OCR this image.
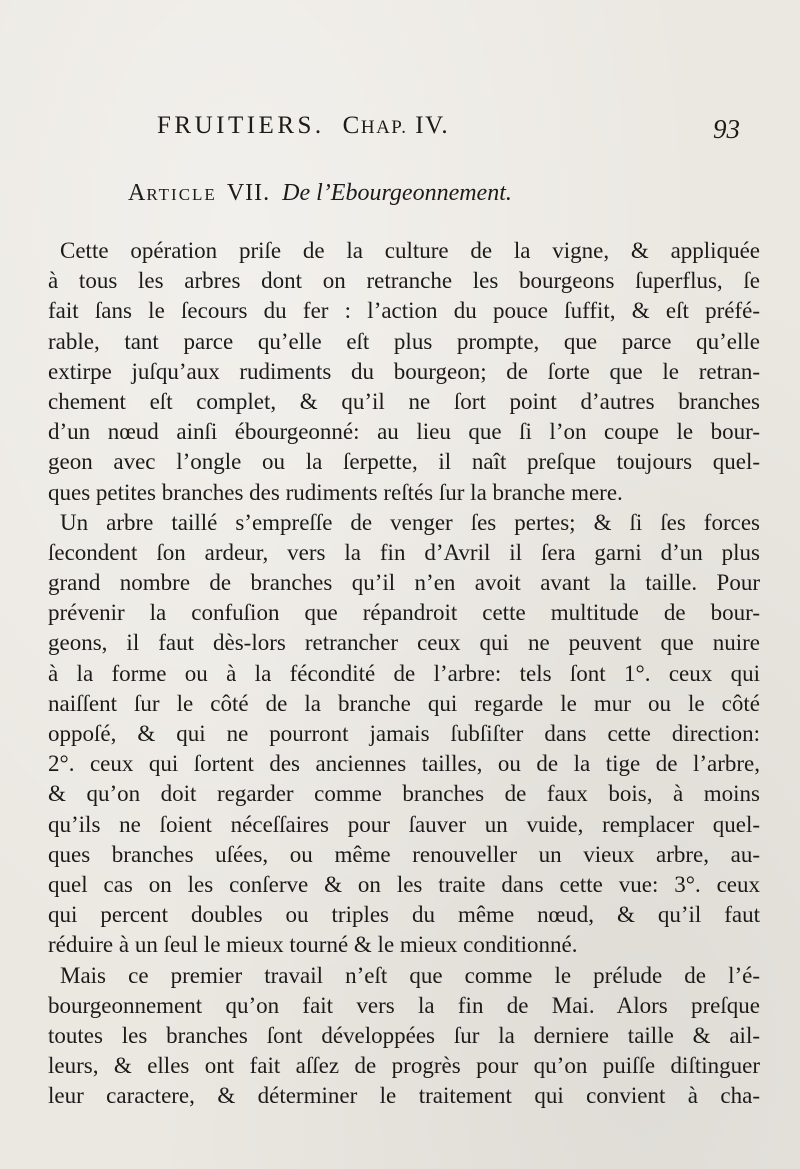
FRUITIERS. CHAP. IV.	93
ARTICLE VII. De l’Ebourgeonnement.
Cette opération priſe de la culture de la vigne, & appliquée
à tous les arbres dont on retranche les bourgeons ſuperflus, ſe
fait ſans le ſecours du fer : l’action du pouce ſuffit, & eſt préfé-
rable, tant parce qu’elle eſt plus prompte, que parce qu’elle
extirpe juſqu’aux rudiments du bourgeon; de ſorte que le retran-
chement eſt complet, & qu’il ne ſort point d’autres branches
d’un nœud ainſi ébourgeonné: au lieu que ſi l’on coupe le bour-
geon avec l’ongle ou la ſerpette, il naît preſque toujours quel-
ques petites branches des rudiments reſtés ſur la branche mere.
Un arbre taillé s’empreſſe de venger ſes pertes; & ſi ſes forces
ſecondent ſon ardeur, vers la fin d’Avril il ſera garni d’un plus
grand nombre de branches qu’il n’en avoit avant la taille. Pour
prévenir la confuſion que répandroit cette multitude de bour-
geons, il faut dès-lors retrancher ceux qui ne peuvent que nuire
à la forme ou à la fécondité de l’arbre: tels ſont 1°. ceux qui
naiſſent ſur le côté de la branche qui regarde le mur ou le côté
oppoſé, & qui ne pourront jamais ſubſiſter dans cette direction:
2°. ceux qui ſortent des anciennes tailles, ou de la tige de l’arbre,
& qu’on doit regarder comme branches de faux bois, à moins
qu’ils ne ſoient néceſſaires pour ſauver un vuide, remplacer quel-
ques branches uſées, ou même renouveller un vieux arbre, au-
quel cas on les conſerve & on les traite dans cette vue: 3°. ceux
qui percent doubles ou triples du même nœud, & qu’il faut
réduire à un ſeul le mieux tourné & le mieux conditionné.
Mais ce premier travail n’eſt que comme le prélude de l’é-
bourgeonnement qu’on fait vers la fin de Mai. Alors preſque
toutes les branches ſont développées ſur la derniere taille & ail-
leurs, & elles ont fait aſſez de progrès pour qu’on puiſſe diſtinguer
leur caractere, & déterminer le traitement qui convient à cha-
